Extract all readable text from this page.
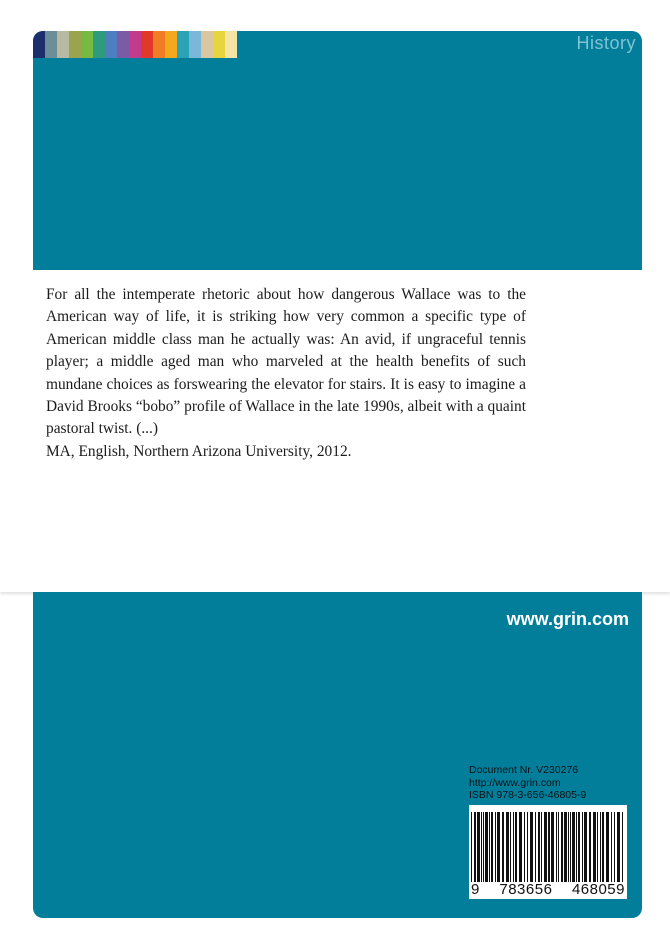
History

For all the intemperate rhetoric about how dangerous Wallace was to the American way of life, it is striking how very common a specific type of American middle class man he actually was: An avid, if ungraceful tennis player; a middle aged man who marveled at the health benefits of such mundane choices as forswearing the elevator for stairs. It is easy to imagine a David Brooks “bobo” profile of Wallace in the late 1990s, albeit with a quaint pastoral twist. (...)

MA, English, Northern Arizona University, 2012.

www.grin.com
Document Nr. V230276
http://www.grin.com
ISBN 978-3-656-46805-9
9 783656 468059
